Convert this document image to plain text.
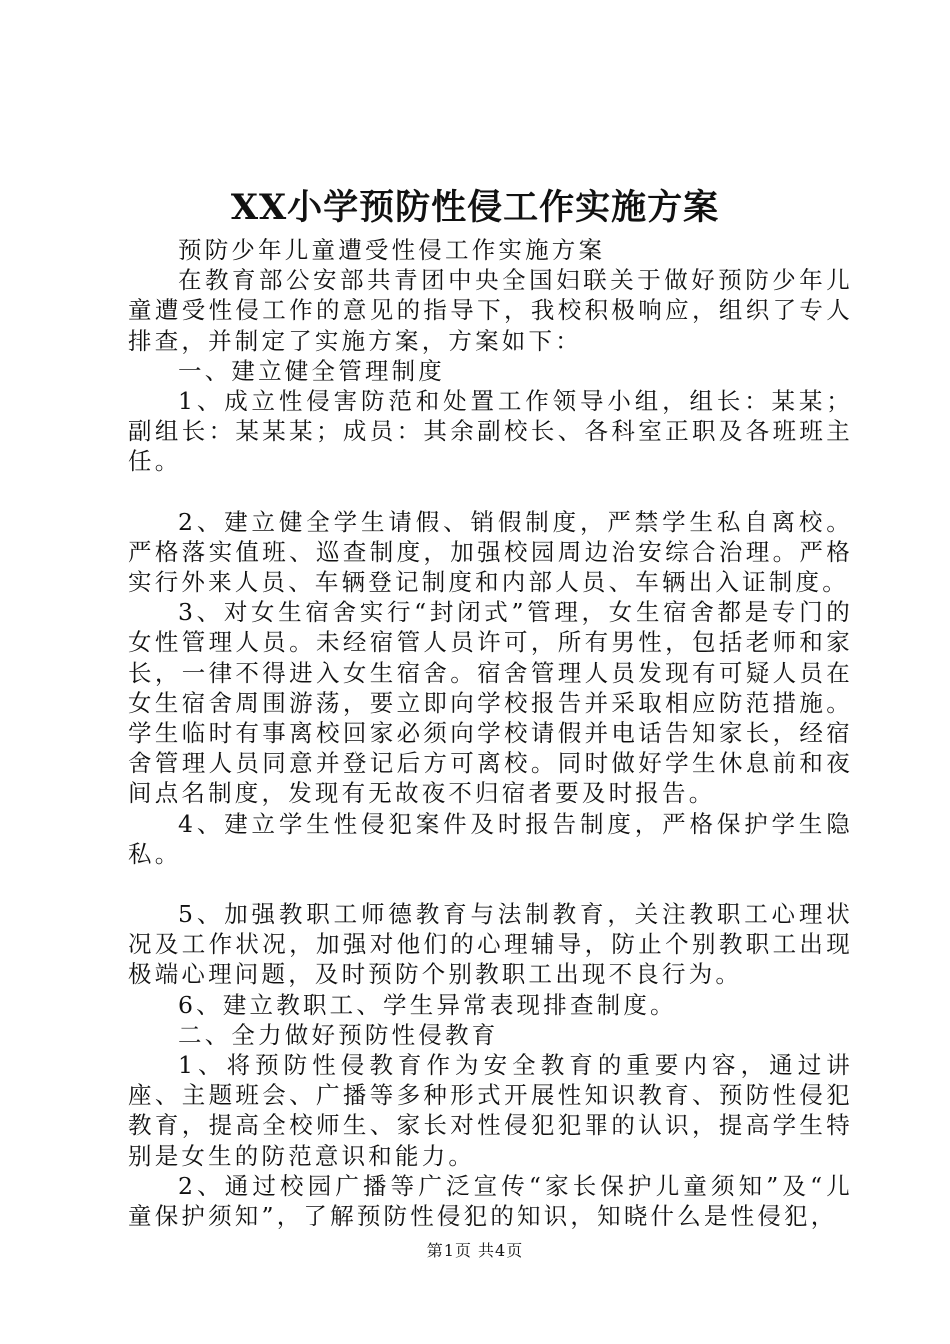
XX小学预防性侵工作实施方案

预防少年儿童遭受性侵工作实施方案

在教育部公安部共青团中央全国妇联关于做好预防少年儿童遭受性侵工作的意见的指导下，我校积极响应，组织了专人排查，并制定了实施方案，方案如下：

一、建立健全管理制度

1、成立性侵害防范和处置工作领导小组，组长：某某；副组长：某某某；成员：其余副校长、各科室正职及各班班主任。

2、建立健全学生请假、销假制度，严禁学生私自离校。严格落实值班、巡查制度，加强校园周边治安综合治理。严格实行外来人员、车辆登记制度和内部人员、车辆出入证制度。

3、对女生宿舍实行“封闭式”管理，女生宿舍都是专门的女性管理人员。未经宿管人员许可，所有男性，包括老师和家长，一律不得进入女生宿舍。宿舍管理人员发现有可疑人员在女生宿舍周围游荡，要立即向学校报告并采取相应防范措施。学生临时有事离校回家必须向学校请假并电话告知家长，经宿舍管理人员同意并登记后方可离校。同时做好学生休息前和夜间点名制度，发现有无故夜不归宿者要及时报告。

4、建立学生性侵犯案件及时报告制度，严格保护学生隐私。

5、加强教职工师德教育与法制教育，关注教职工心理状况及工作状况，加强对他们的心理辅导，防止个别教职工出现极端心理问题，及时预防个别教职工出现不良行为。

6、建立教职工、学生异常表现排查制度。

二、全力做好预防性侵教育

1、将预防性侵教育作为安全教育的重要内容，通过讲座、主题班会、广播等多种形式开展性知识教育、预防性侵犯教育，提高全校师生、家长对性侵犯犯罪的认识，提高学生特别是女生的防范意识和能力。

2、通过校园广播等广泛宣传“家长保护儿童须知”及“儿童保护须知”，了解预防性侵犯的知识，知晓什么是性侵犯，

第1页 共4页
